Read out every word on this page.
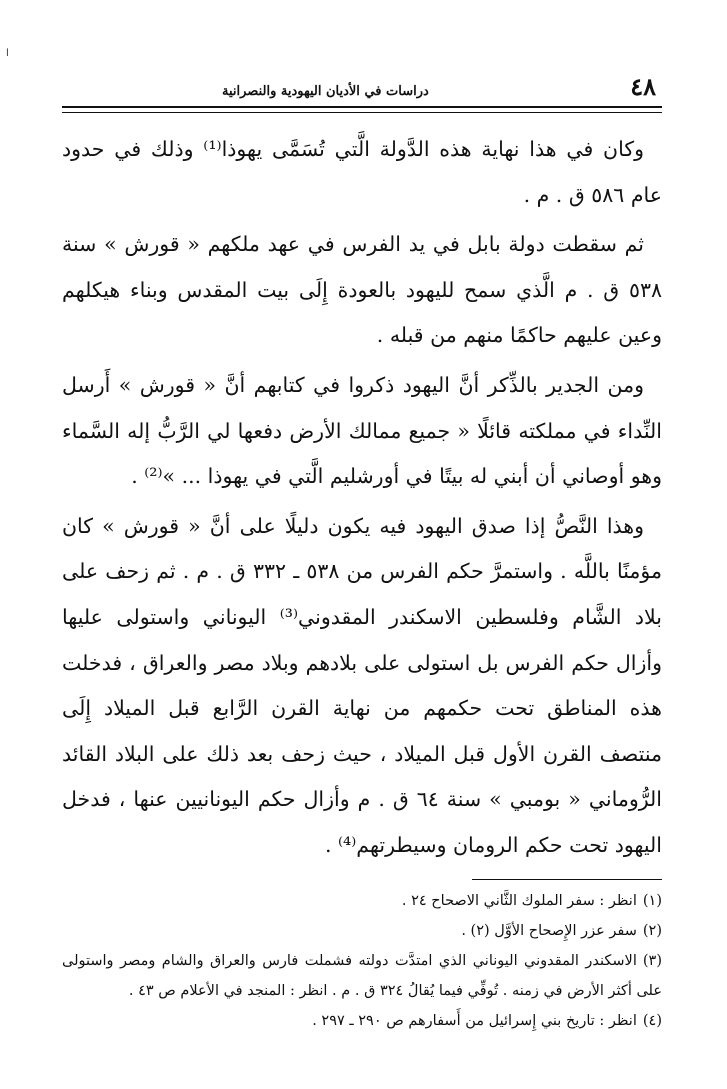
ا
٤٨
دراسات في الأديان اليهودية والنصرانية

وكان في هذا نهاية هذه الدَّولة الَّتي تُسَمَّى يهوذا⁽¹⁾ وذلك في حدود عام ٥٨٦ ق . م .

ثم سقطت دولة بابل في يد الفرس في عهد ملكهم « قورش » سنة ٥٣٨ ق . م الَّذي سمح لليهود بالعودة إِلَى بيت المقدس وبناء هيكلهم وعين عليهم حاكمًا منهم من قبله .

ومن الجدير بالذِّكر أنَّ اليهود ذكروا في كتابهم أنَّ « قورش » أَرسل النِّداء في مملكته قائلًا « جميع ممالك الأرض دفعها لي الرَّبُّ إله السَّماء وهو أوصاني أن أبني له بيتًا في أورشليم الَّتي في يهوذا ... »⁽²⁾ .

وهذا النَّصُّ إذا صدق اليهود فيه يكون دليلًا على أنَّ « قورش » كان مؤمنًا باللَّه . واستمرَّ حكم الفرس من ٥٣٨ ـ ٣٣٢ ق . م . ثم زحف على بلاد الشَّام وفلسطين الاسكندر المقدوني⁽³⁾ اليوناني واستولى عليها وأزال حكم الفرس بل استولى على بلادهم وبلاد مصر والعراق ، فدخلت هذه المناطق تحت حكمهم من نهاية القرن الرَّابع قبل الميلاد إِلَى منتصف القرن الأول قبل الميلاد ، حيث زحف بعد ذلك على البلاد القائد الرُّوماني « بومبي » سنة ٦٤ ق . م وأزال حكم اليونانيين عنها ، فدخل اليهود تحت حكم الرومان وسيطرتهم⁽⁴⁾ .

(١)انظر : سفر الملوك الثَّاني الاصحاح ٢٤ .

(٢)سفر عزر الإِصحاح الأوَّل (٢) .

(٣)الاسكندر المقدوني اليوناني الذي امتدَّت دولته فشملت فارس والعراق والشام ومصر واستولى على أكثر الأرض في زمنه . تُوفِّي فيما يُقالُ ٣٢٤ ق . م . انظر : المنجد في الأعلام ص ٤٣ .

(٤)انظر : تاريخ بني إِسرائيل من أَسفارهم ص ٢٩٠ ـ ٢٩٧ .
